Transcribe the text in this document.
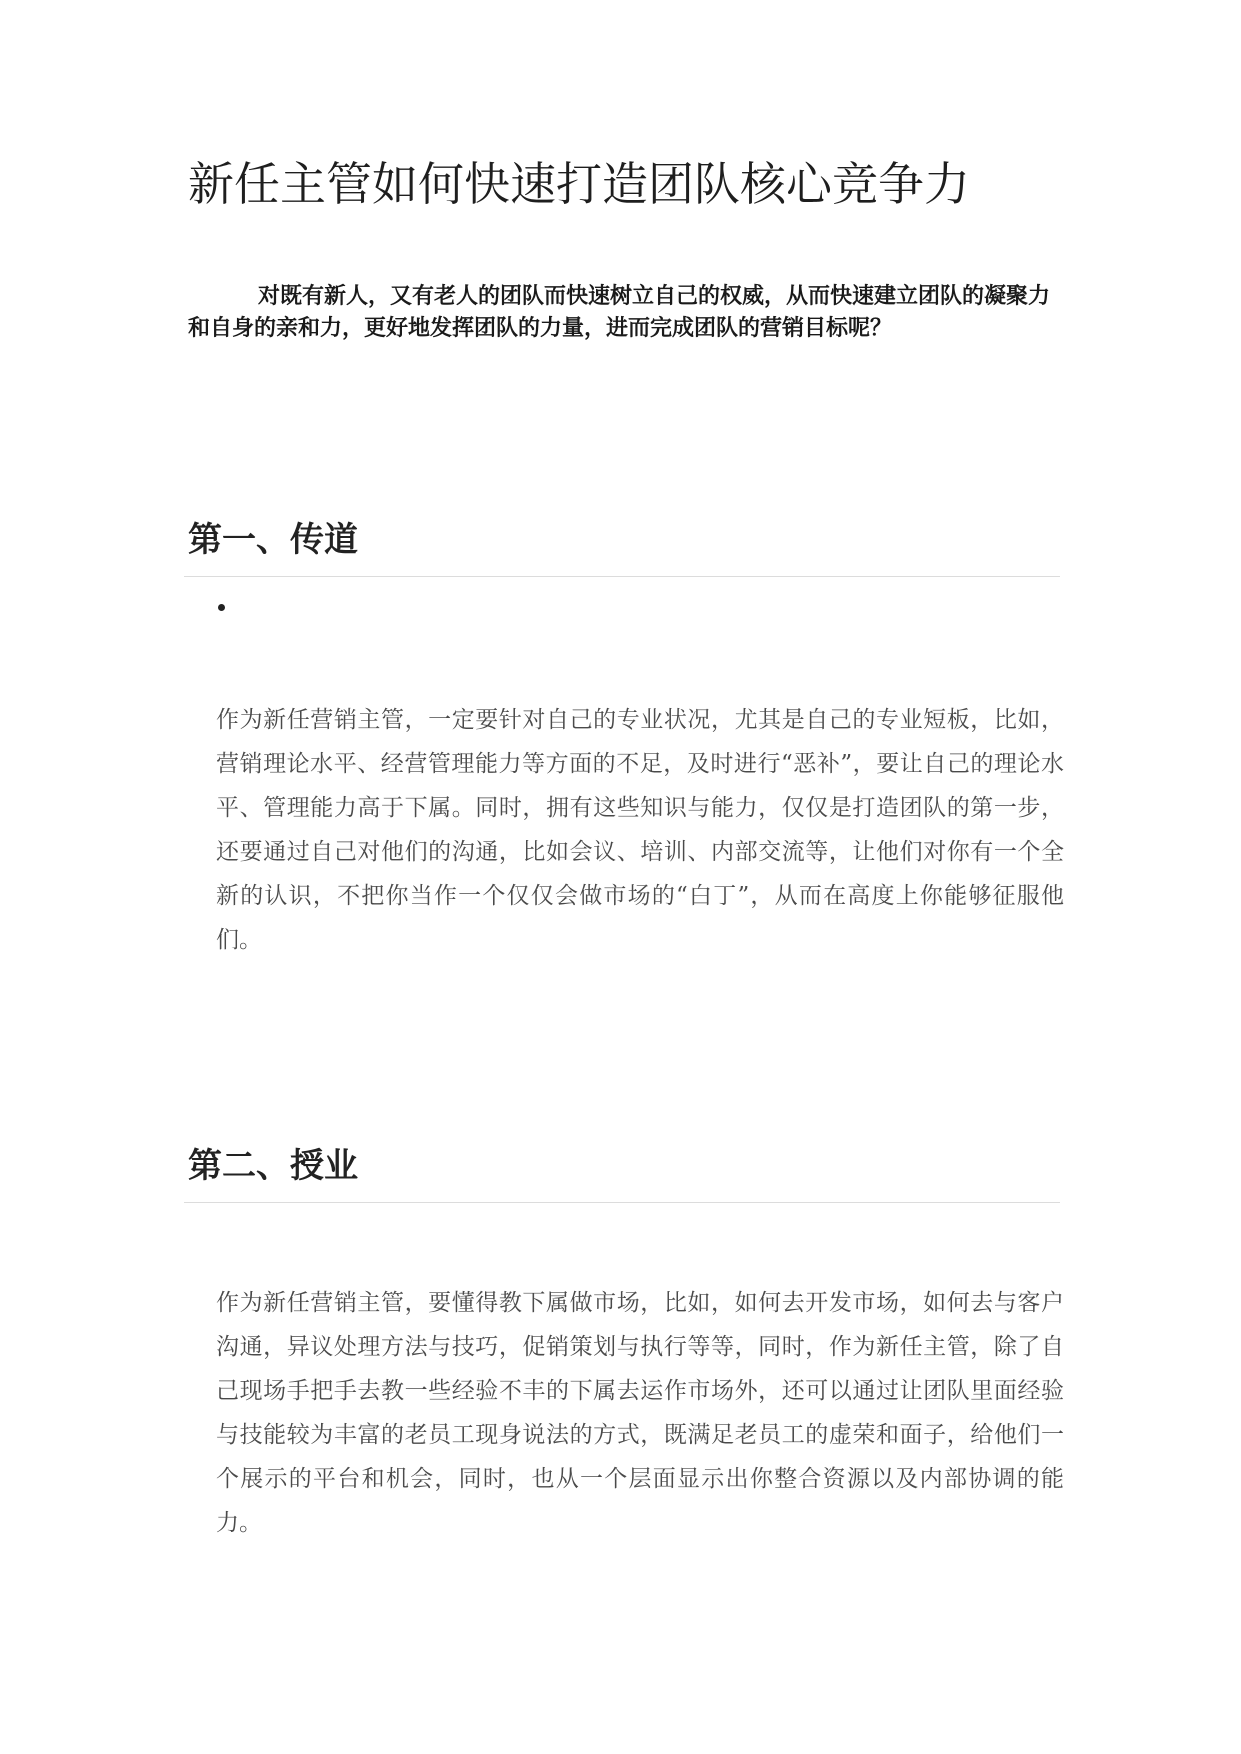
新任主管如何快速打造团队核心竞争力

对既有新人，又有老人的团队而快速树立自己的权威，从而快速建立团队的凝聚力和自身的亲和力，更好地发挥团队的力量，进而完成团队的营销目标呢？

第一、传道

作为新任营销主管，一定要针对自己的专业状况，尤其是自己的专业短板，比如，营销理论水平、经营管理能力等方面的不足，及时进行“恶补”，要让自己的理论水平、管理能力高于下属。同时，拥有这些知识与能力，仅仅是打造团队的第一步，还要通过自己对他们的沟通，比如会议、培训、内部交流等，让他们对你有一个全新的认识，不把你当作一个仅仅会做市场的“白丁”，从而在高度上你能够征服他们。

第二、授业

作为新任营销主管，要懂得教下属做市场，比如，如何去开发市场，如何去与客户沟通，异议处理方法与技巧，促销策划与执行等等，同时，作为新任主管，除了自己现场手把手去教一些经验不丰的下属去运作市场外，还可以通过让团队里面经验与技能较为丰富的老员工现身说法的方式，既满足老员工的虚荣和面子，给他们一个展示的平台和机会，同时，也从一个层面显示出你整合资源以及内部协调的能力。
